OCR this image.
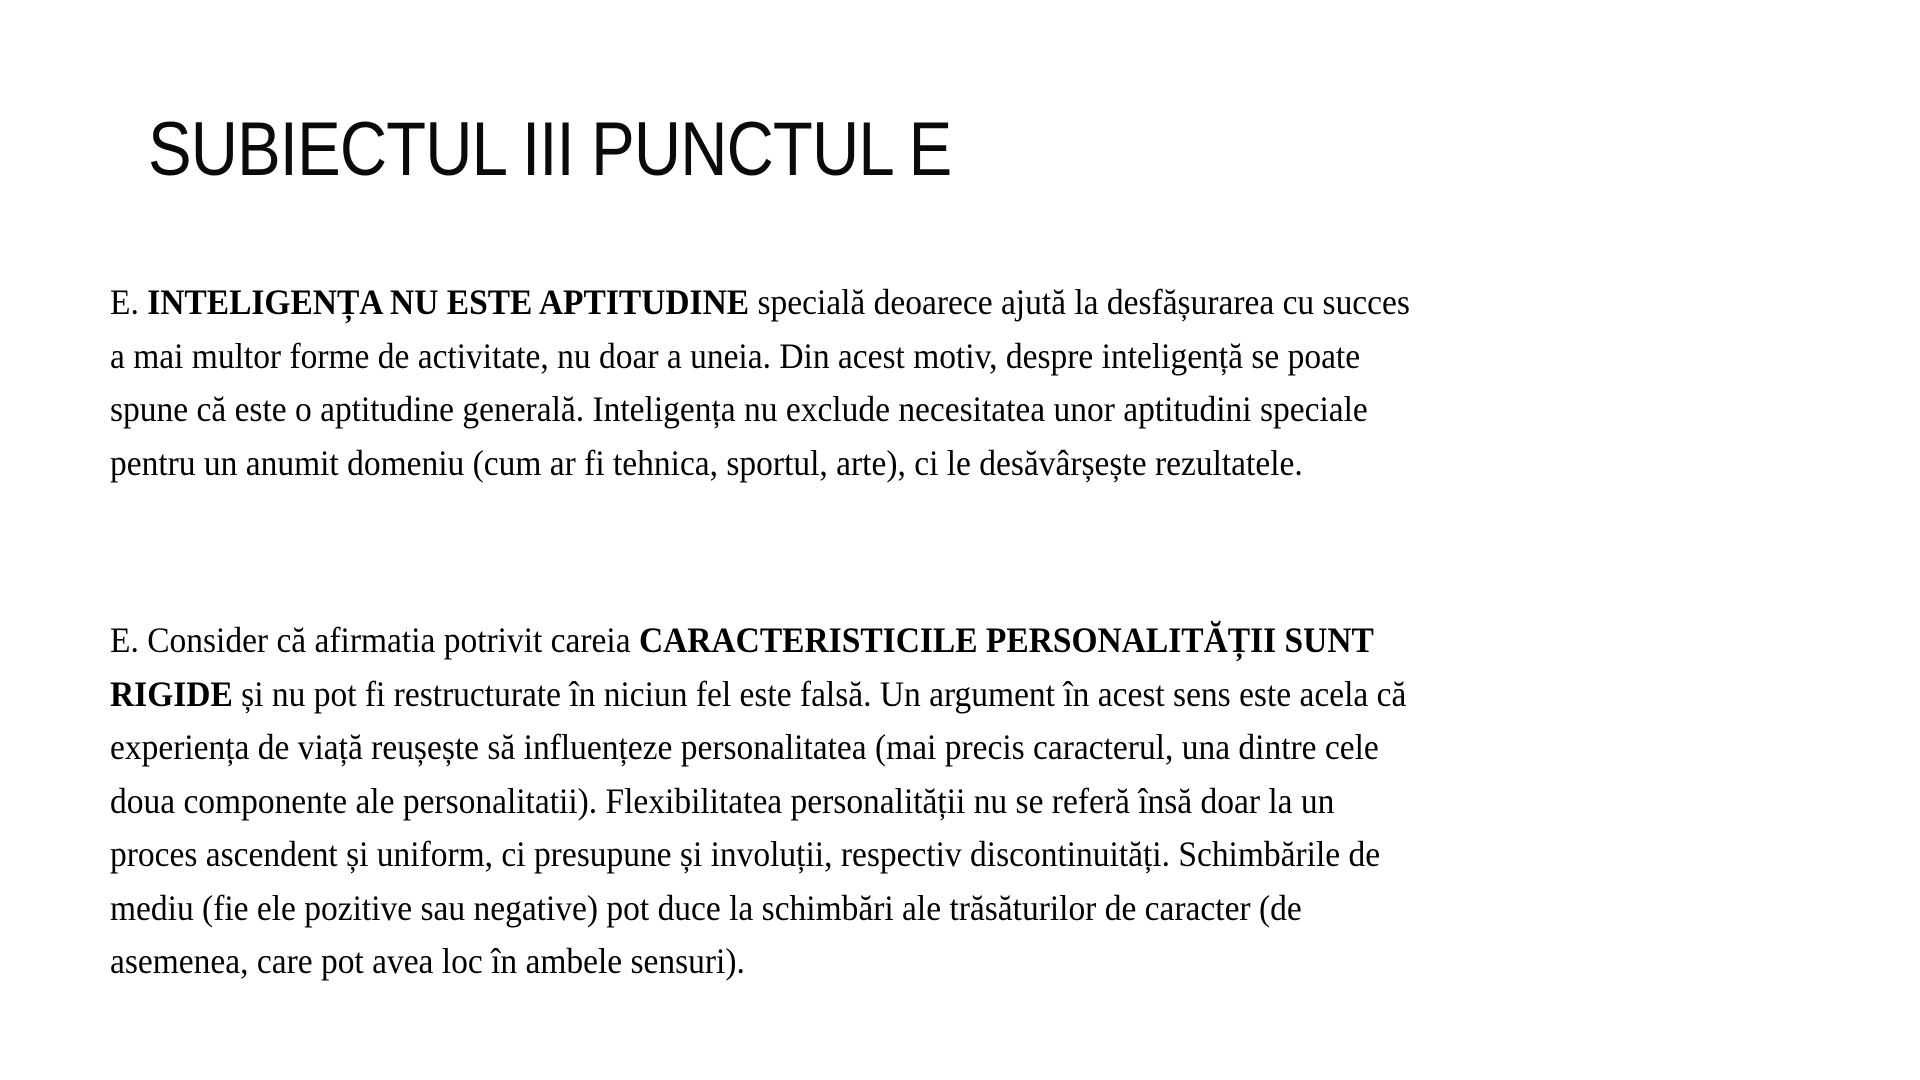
SUBIECTUL III PUNCTUL E
E. INTELIGENȚA NU ESTE APTITUDINE specială deoarece ajută la desfășurarea cu succes
a mai multor forme de activitate, nu doar a uneia. Din acest motiv, despre inteligență se poate
spune că este o aptitudine generală. Inteligența nu exclude necesitatea unor aptitudini speciale
pentru un anumit domeniu (cum ar fi tehnica, sportul, arte), ci le desăvârșește rezultatele.
E. Consider că afirmatia potrivit careia CARACTERISTICILE PERSONALITĂȚII SUNT
RIGIDE și nu pot fi restructurate în niciun fel este falsă. Un argument în acest sens este acela că
experiența de viață reușește să influențeze personalitatea (mai precis caracterul, una dintre cele
doua componente ale personalitatii). Flexibilitatea personalității nu se referă însă doar la un
proces ascendent și uniform, ci presupune și involuții, respectiv discontinuități. Schimbările de
mediu (fie ele pozitive sau negative) pot duce la schimbări ale trăsăturilor de caracter (de
asemenea, care pot avea loc în ambele sensuri).
